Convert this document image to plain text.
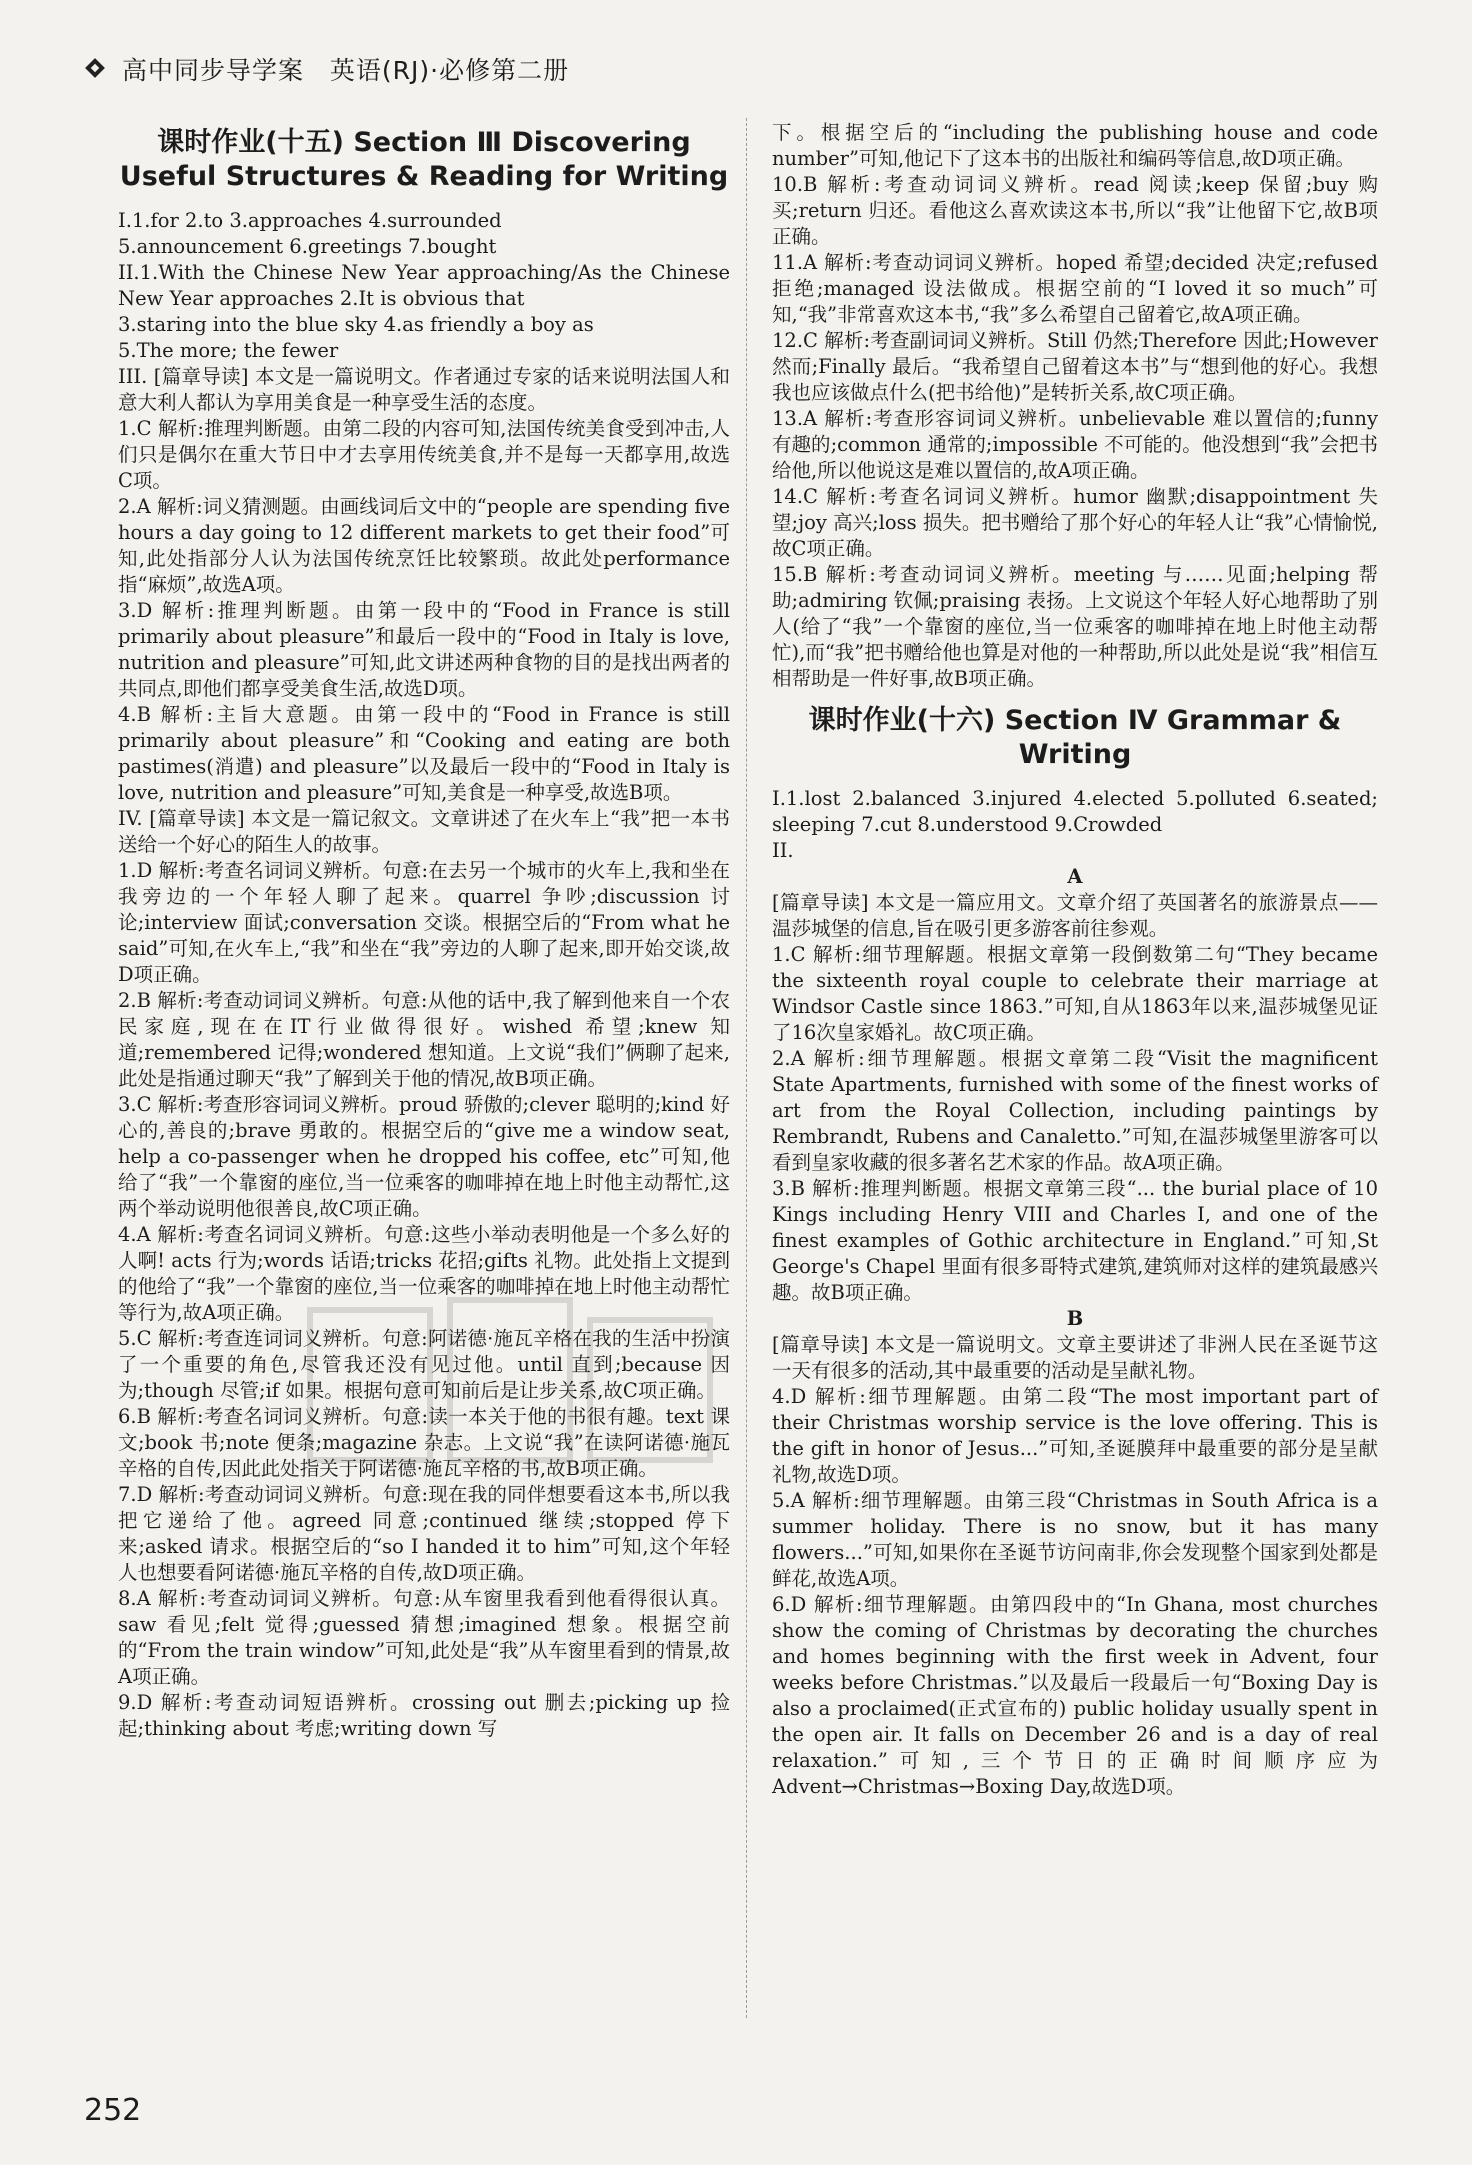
高中同步导学案 英语(RJ)·必修第二册
课时作业(十五) Section Ⅲ Discovering Useful Structures & Reading for Writing

I.1.for 2.to 3.approaches 4.surrounded

5.announcement 6.greetings 7.bought

II.1.With the Chinese New Year approaching/As the Chinese New Year approaches 2.It is obvious that

3.staring into the blue sky 4.as friendly a boy as

5.The more; the fewer

III. [篇章导读] 本文是一篇说明文。作者通过专家的话来说明法国人和意大利人都认为享用美食是一种享受生活的态度。

1.C 解析:推理判断题。由第二段的内容可知,法国传统美食受到冲击,人们只是偶尔在重大节日中才去享用传统美食,并不是每一天都享用,故选C项。

2.A 解析:词义猜测题。由画线词后文中的“people are spending five hours a day going to 12 different markets to get their food”可知,此处指部分人认为法国传统烹饪比较繁琐。故此处performance指“麻烦”,故选A项。

3.D 解析:推理判断题。由第一段中的“Food in France is still primarily about pleasure”和最后一段中的“Food in Italy is love, nutrition and pleasure”可知,此文讲述两种食物的目的是找出两者的共同点,即他们都享受美食生活,故选D项。

4.B 解析:主旨大意题。由第一段中的“Food in France is still primarily about pleasure”和“Cooking and eating are both pastimes(消遣) and pleasure”以及最后一段中的“Food in Italy is love, nutrition and pleasure”可知,美食是一种享受,故选B项。

IV. [篇章导读] 本文是一篇记叙文。文章讲述了在火车上“我”把一本书送给一个好心的陌生人的故事。

1.D 解析:考查名词词义辨析。句意:在去另一个城市的火车上,我和坐在我旁边的一个年轻人聊了起来。quarrel 争吵;discussion 讨论;interview 面试;conversation 交谈。根据空后的“From what he said”可知,在火车上,“我”和坐在“我”旁边的人聊了起来,即开始交谈,故D项正确。

2.B 解析:考查动词词义辨析。句意:从他的话中,我了解到他来自一个农民家庭,现在在IT行业做得很好。wished 希望;knew 知道;remembered 记得;wondered 想知道。上文说“我们”俩聊了起来,此处是指通过聊天“我”了解到关于他的情况,故B项正确。

3.C 解析:考查形容词词义辨析。proud 骄傲的;clever 聪明的;kind 好心的,善良的;brave 勇敢的。根据空后的“give me a window seat, help a co-passenger when he dropped his coffee, etc”可知,他给了“我”一个靠窗的座位,当一位乘客的咖啡掉在地上时他主动帮忙,这两个举动说明他很善良,故C项正确。

4.A 解析:考查名词词义辨析。句意:这些小举动表明他是一个多么好的人啊! acts 行为;words 话语;tricks 花招;gifts 礼物。此处指上文提到的他给了“我”一个靠窗的座位,当一位乘客的咖啡掉在地上时他主动帮忙等行为,故A项正确。

5.C 解析:考查连词词义辨析。句意:阿诺德·施瓦辛格在我的生活中扮演了一个重要的角色,尽管我还没有见过他。until 直到;because 因为;though 尽管;if 如果。根据句意可知前后是让步关系,故C项正确。

6.B 解析:考查名词词义辨析。句意:读一本关于他的书很有趣。text 课文;book 书;note 便条;magazine 杂志。上文说“我”在读阿诺德·施瓦辛格的自传,因此此处指关于阿诺德·施瓦辛格的书,故B项正确。

7.D 解析:考查动词词义辨析。句意:现在我的同伴想要看这本书,所以我把它递给了他。agreed 同意;continued 继续;stopped 停下来;asked 请求。根据空后的“so I handed it to him”可知,这个年轻人也想要看阿诺德·施瓦辛格的自传,故D项正确。

8.A 解析:考查动词词义辨析。句意:从车窗里我看到他看得很认真。saw 看见;felt 觉得;guessed 猜想;imagined 想象。根据空前的“From the train window”可知,此处是“我”从车窗里看到的情景,故A项正确。

9.D 解析:考查动词短语辨析。crossing out 删去;picking up 捡起;thinking about 考虑;writing down 写

下。根据空后的“including the publishing house and code number”可知,他记下了这本书的出版社和编码等信息,故D项正确。

10.B 解析:考查动词词义辨析。read 阅读;keep 保留;buy 购买;return 归还。看他这么喜欢读这本书,所以“我”让他留下它,故B项正确。

11.A 解析:考查动词词义辨析。hoped 希望;decided 决定;refused 拒绝;managed 设法做成。根据空前的“I loved it so much”可知,“我”非常喜欢这本书,“我”多么希望自己留着它,故A项正确。

12.C 解析:考查副词词义辨析。Still 仍然;Therefore 因此;However 然而;Finally 最后。“我希望自己留着这本书”与“想到他的好心。我想我也应该做点什么(把书给他)”是转折关系,故C项正确。

13.A 解析:考查形容词词义辨析。unbelievable 难以置信的;funny 有趣的;common 通常的;impossible 不可能的。他没想到“我”会把书给他,所以他说这是难以置信的,故A项正确。

14.C 解析:考查名词词义辨析。humor 幽默;disappointment 失望;joy 高兴;loss 损失。把书赠给了那个好心的年轻人让“我”心情愉悦,故C项正确。

15.B 解析:考查动词词义辨析。meeting 与……见面;helping 帮助;admiring 钦佩;praising 表扬。上文说这个年轻人好心地帮助了别人(给了“我”一个靠窗的座位,当一位乘客的咖啡掉在地上时他主动帮忙),而“我”把书赠给他也算是对他的一种帮助,所以此处是说“我”相信互相帮助是一件好事,故B项正确。

课时作业(十六) Section Ⅳ Grammar & Writing

I.1.lost 2.balanced 3.injured 4.elected 5.polluted 6.seated; sleeping 7.cut 8.understood 9.Crowded

II.

A

[篇章导读] 本文是一篇应用文。文章介绍了英国著名的旅游景点——温莎城堡的信息,旨在吸引更多游客前往参观。

1.C 解析:细节理解题。根据文章第一段倒数第二句“They became the sixteenth royal couple to celebrate their marriage at Windsor Castle since 1863.”可知,自从1863年以来,温莎城堡见证了16次皇家婚礼。故C项正确。

2.A 解析:细节理解题。根据文章第二段“Visit the magnificent State Apartments, furnished with some of the finest works of art from the Royal Collection, including paintings by Rembrandt, Rubens and Canaletto.”可知,在温莎城堡里游客可以看到皇家收藏的很多著名艺术家的作品。故A项正确。

3.B 解析:推理判断题。根据文章第三段“... the burial place of 10 Kings including Henry VIII and Charles I, and one of the finest examples of Gothic architecture in England.”可知,St George's Chapel 里面有很多哥特式建筑,建筑师对这样的建筑最感兴趣。故B项正确。

B

[篇章导读] 本文是一篇说明文。文章主要讲述了非洲人民在圣诞节这一天有很多的活动,其中最重要的活动是呈献礼物。

4.D 解析:细节理解题。由第二段“The most important part of their Christmas worship service is the love offering. This is the gift in honor of Jesus...”可知,圣诞膜拜中最重要的部分是呈献礼物,故选D项。

5.A 解析:细节理解题。由第三段“Christmas in South Africa is a summer holiday. There is no snow, but it has many flowers...”可知,如果你在圣诞节访问南非,你会发现整个国家到处都是鲜花,故选A项。

6.D 解析:细节理解题。由第四段中的“In Ghana, most churches show the coming of Christmas by decorating the churches and homes beginning with the first week in Advent, four weeks before Christmas.”以及最后一段最后一句“Boxing Day is also a proclaimed(正式宣布的) public holiday usually spent in the open air. It falls on December 26 and is a day of real relaxation.”可知,三个节日的正确时间顺序应为Advent→Christmas→Boxing Day,故选D项。

252
